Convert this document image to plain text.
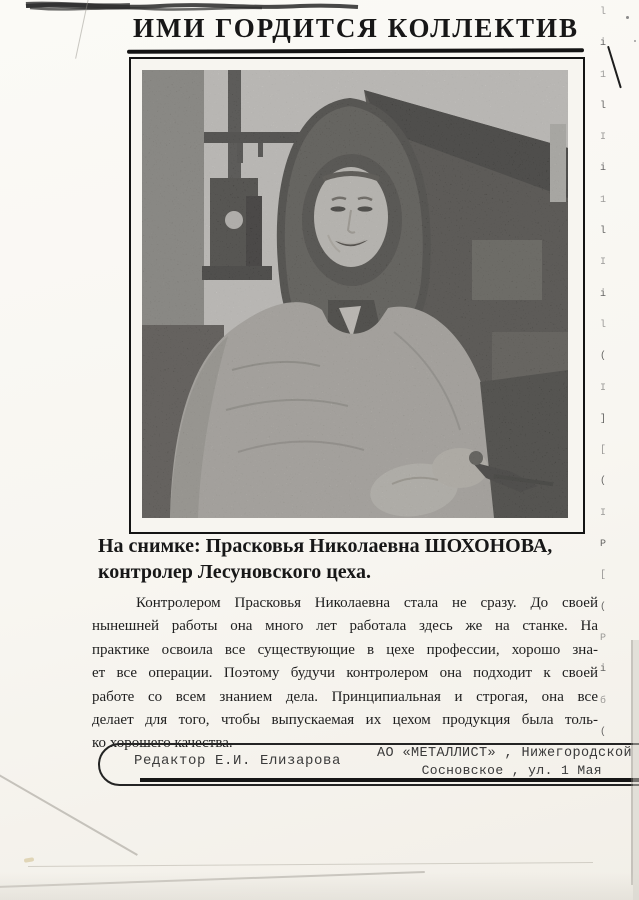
ИМИ ГОРДИТСЯ КОЛЛЕКТИВ
На снимке: Прасковья Николаевна ШОХОНОВА,
контролер Лесуновского цеха.
Контролером Прасковья Николаевна стала не сразу. До своей
нынешней работы она много лет работала здесь же на станке. На
практике освоила все существующие в цехе профессии, хорошо зна-
ет все операции. Поэтому будучи контролером она подходит к своей
работе со всем знанием дела. Принципиальная и строгая, она все
делает для того, чтобы выпускаемая их цехом продукция была толь-
ко хорошего качества.
Редактор Е.И. Елизарова	АО «МЕТАЛЛИСТ» , Нижегородской
Сосновское , ул. 1 Мая
l
i
1
l
I
i
1
l
I
i
l
(
I
]
[
(
I
Р
[
(
Р
i
б
(
